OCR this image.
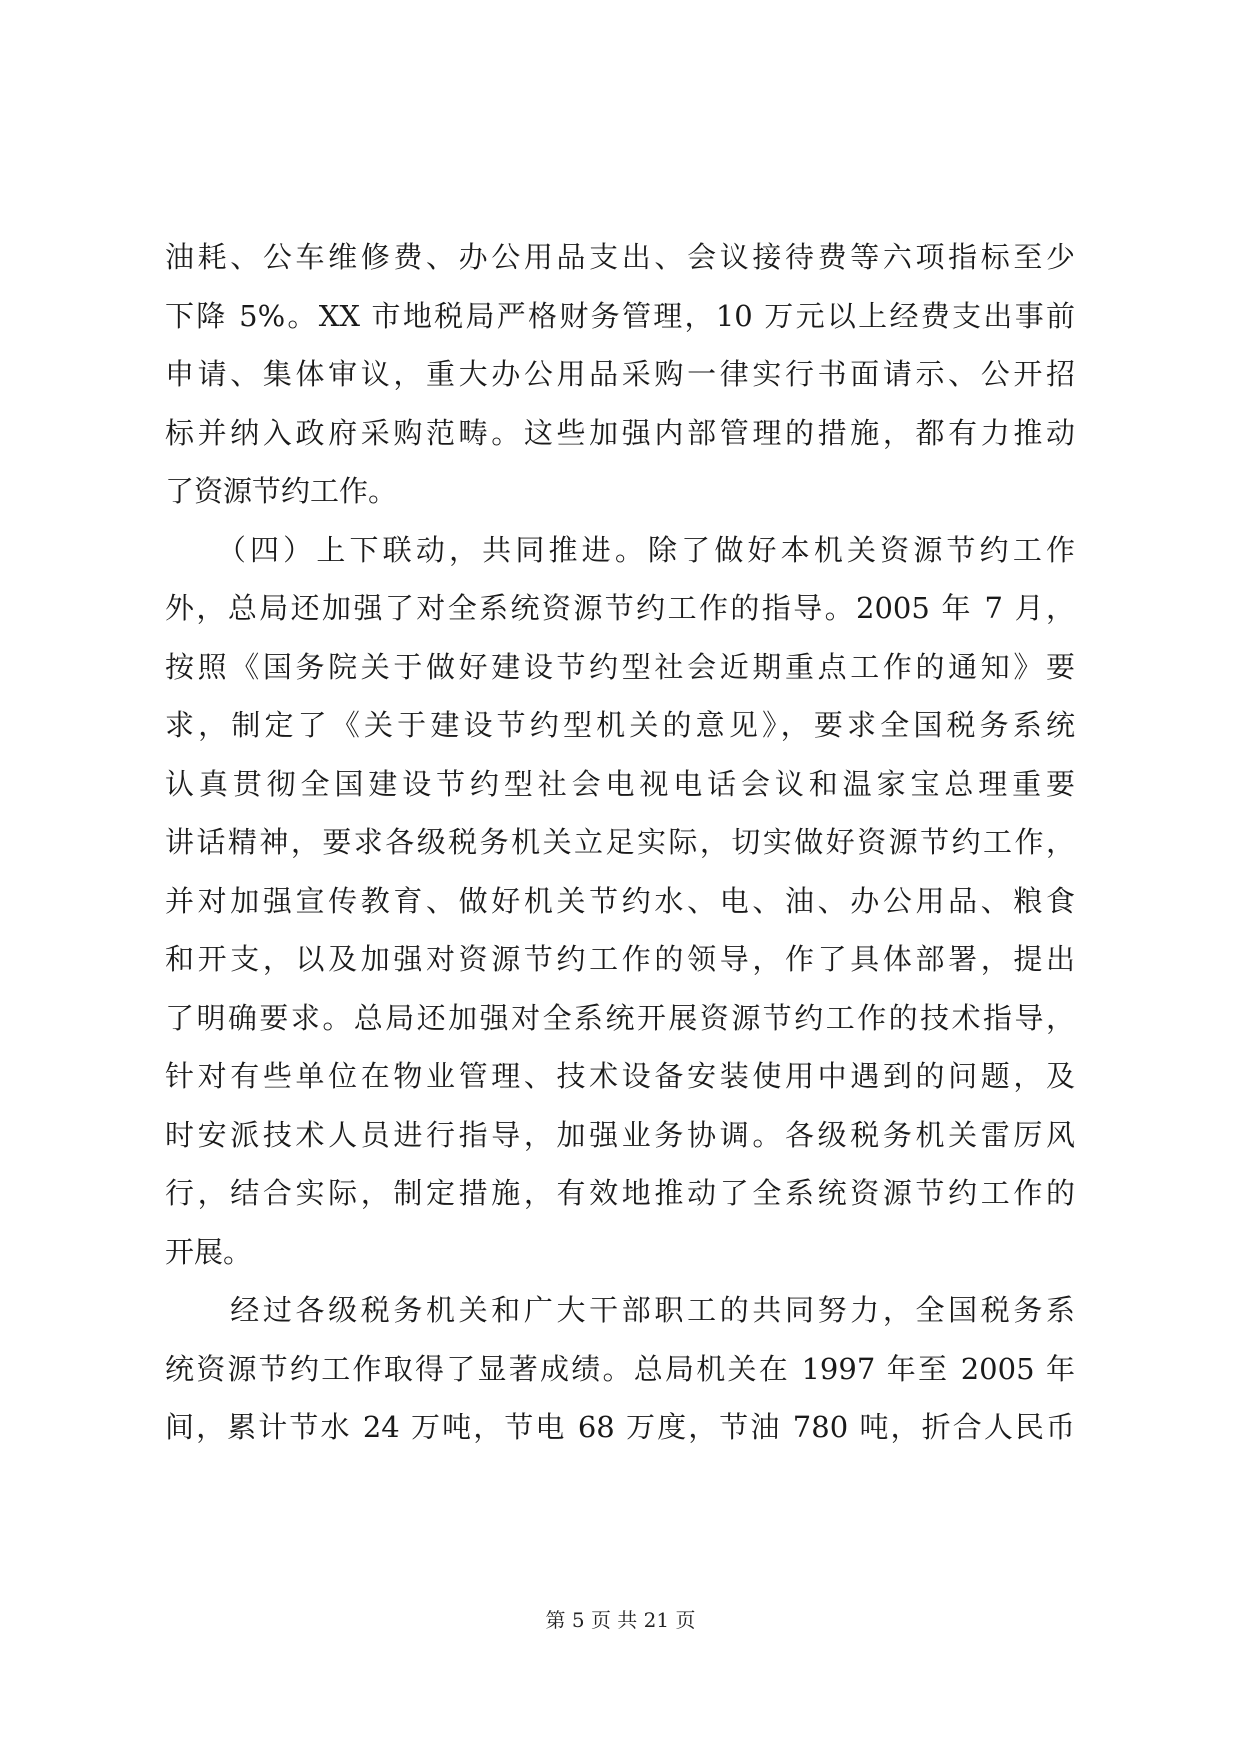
油耗、公车维修费、办公用品支出、会议接待费等六项指标至少
下降 5%。XX 市地税局严格财务管理，10 万元以上经费支出事前
申请、集体审议，重大办公用品采购一律实行书面请示、公开招
标并纳入政府采购范畴。这些加强内部管理的措施，都有力推动
了资源节约工作。
　　（四）上下联动，共同推进。除了做好本机关资源节约工作
外，总局还加强了对全系统资源节约工作的指导。2005 年 7 月，
按照《国务院关于做好建设节约型社会近期重点工作的通知》要
求，制定了《关于建设节约型机关的意见》，要求全国税务系统
认真贯彻全国建设节约型社会电视电话会议和温家宝总理重要
讲话精神，要求各级税务机关立足实际，切实做好资源节约工作，
并对加强宣传教育、做好机关节约水、电、油、办公用品、粮食
和开支，以及加强对资源节约工作的领导，作了具体部署，提出
了明确要求。总局还加强对全系统开展资源节约工作的技术指导，
针对有些单位在物业管理、技术设备安装使用中遇到的问题，及
时安派技术人员进行指导，加强业务协调。各级税务机关雷厉风
行，结合实际，制定措施，有效地推动了全系统资源节约工作的
开展。
　　经过各级税务机关和广大干部职工的共同努力，全国税务系
统资源节约工作取得了显著成绩。总局机关在 1997 年至 2005 年
间，累计节水 24 万吨，节电 68 万度，节油 780 吨，折合人民币
第 5 页 共 21 页
